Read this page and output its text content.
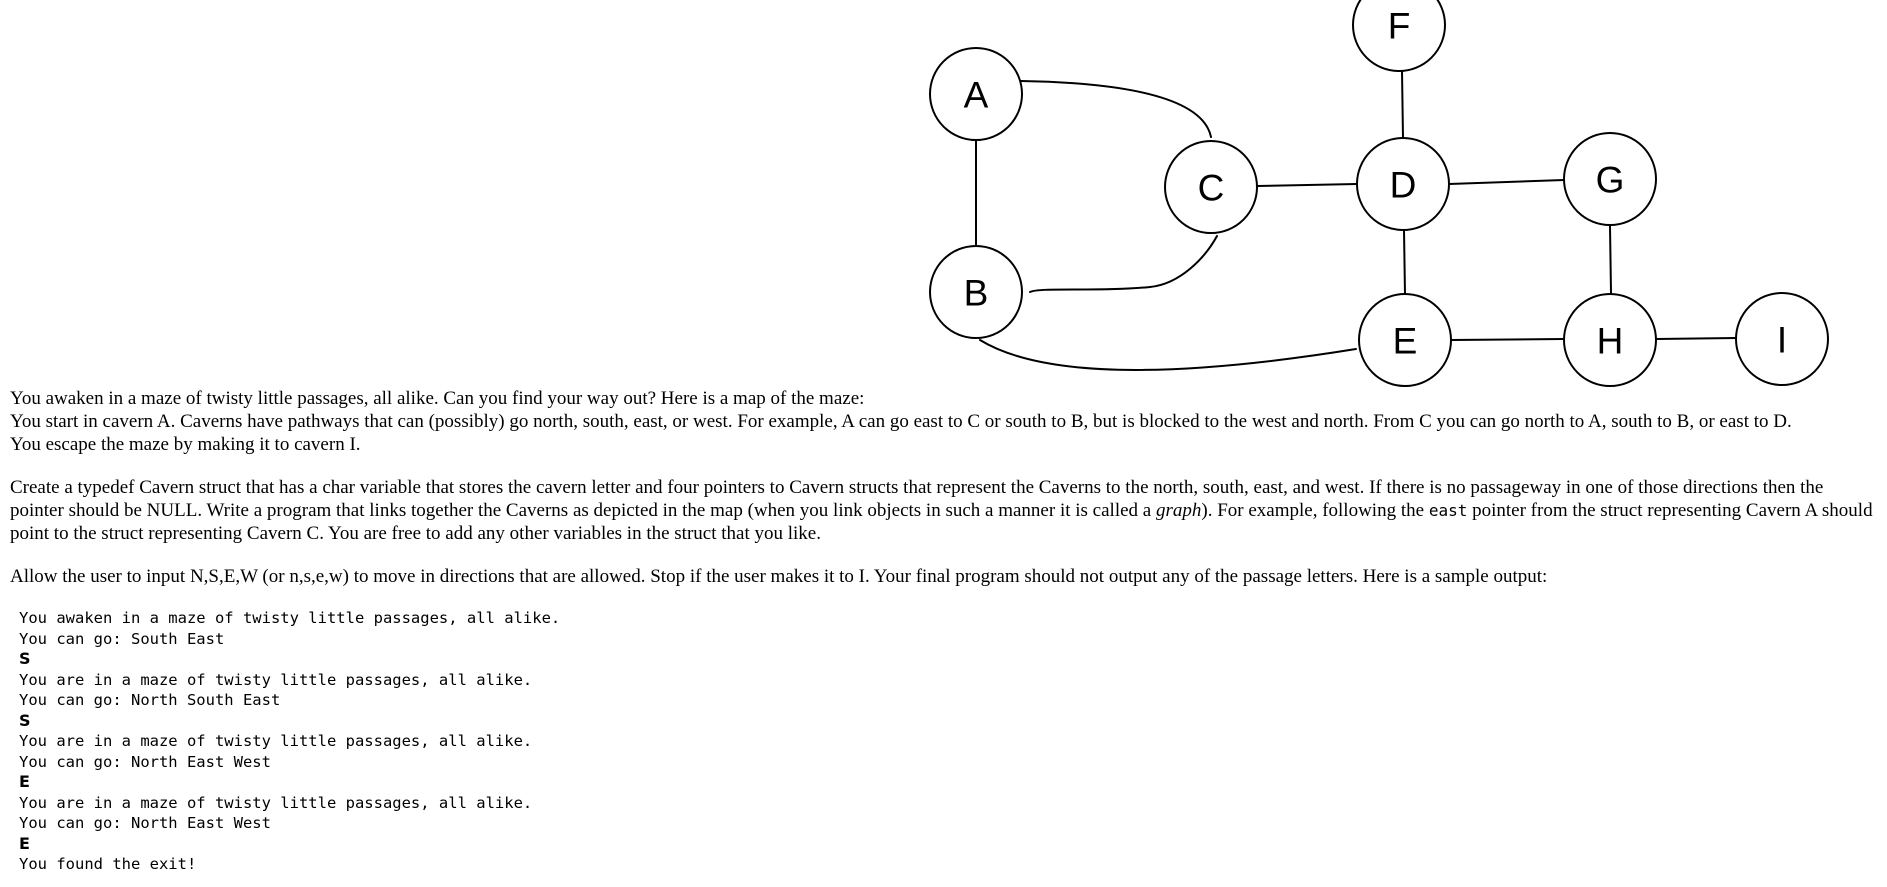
A
B
C	D
E
F
G
H	I

You awaken in a maze of twisty little passages, all alike. Can you find your way out? Here is a map of the maze:

You start in cavern A. Caverns have pathways that can (possibly) go north, south, east, or west. For example, A can go east to C or south to B, but is blocked to the west and north. From C you can go north to A, south to B, or east to D.

You escape the maze by making it to cavern I.

Create a typedef Cavern struct that has a char variable that stores the cavern letter and four pointers to Cavern structs that represent the Caverns to the north, south, east, and west. If there is no passageway in one of those directions then the pointer should be NULL. Write a program that links together the Caverns as depicted in the map (when you link objects in such a manner it is called a graph). For example, following the east pointer from the struct representing Cavern A should point to the struct representing Cavern C. You are free to add any other variables in the struct that you like.

Allow the user to input N,S,E,W (or n,s,e,w) to move in directions that are allowed. Stop if the user makes it to I. Your final program should not output any of the passage letters. Here is a sample output:

You awaken in a maze of twisty little passages, all alike.
You can go: South East
S
You are in a maze of twisty little passages, all alike.
You can go: North South East
S
You are in a maze of twisty little passages, all alike.
You can go: North East West
E
You are in a maze of twisty little passages, all alike.
You can go: North East West
E
You found the exit!
